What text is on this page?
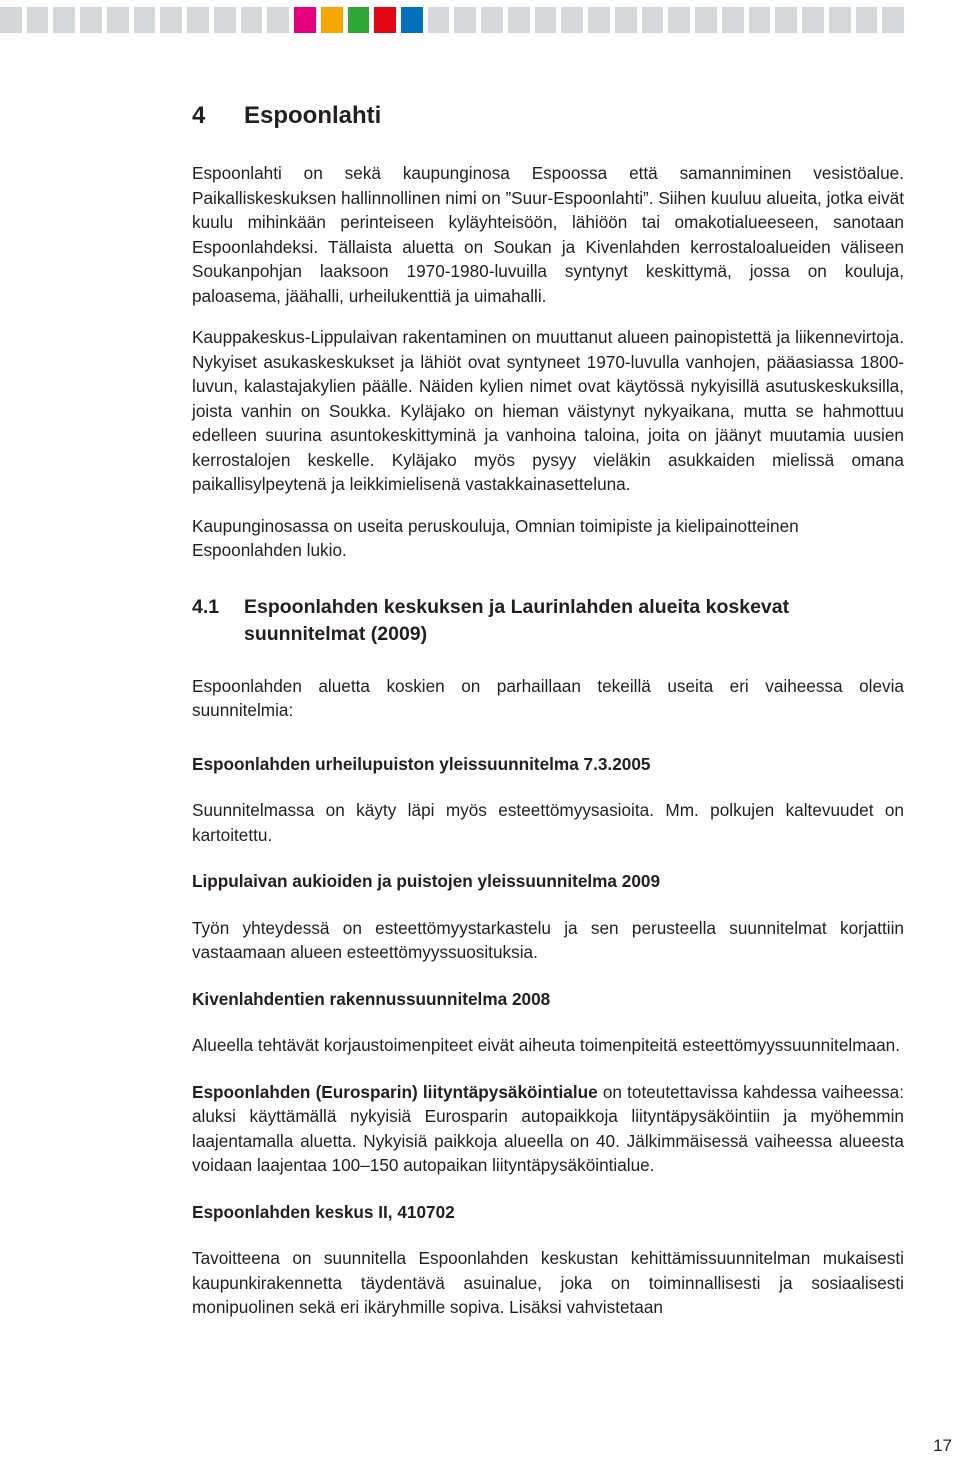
4	Espoonlahti

Espoonlahti on sekä kaupunginosa Espoossa että samanniminen vesistöalue. Paikalliskeskuksen hallinnollinen nimi on ”Suur-Espoonlahti”. Siihen kuuluu alueita, jotka eivät kuulu mihinkään perinteiseen kyläyhteisöön, lähiöön tai omakotialueeseen, sanotaan Espoonlahdeksi. Tällaista aluetta on Soukan ja Kivenlahden kerrostaloalueiden väliseen Soukanpohjan laaksoon 1970-1980-luvuilla syntynyt keskittymä, jossa on kouluja, paloasema, jäähalli, urheilukenttiä ja uimahalli.

Kauppakeskus-Lippulaivan rakentaminen on muuttanut alueen painopistettä ja liikennevirtoja. Nykyiset asukaskeskukset ja lähiöt ovat syntyneet 1970-luvulla vanhojen, pääasiassa 1800-luvun, kalastajakylien päälle. Näiden kylien nimet ovat käytössä nykyisillä asutuskeskuksilla, joista vanhin on Soukka. Kyläjako on hieman väistynyt nykyaikana, mutta se hahmottuu edelleen suurina asuntokeskittyminä ja vanhoina taloina, joita on jäänyt muutamia uusien kerrostalojen keskelle. Kyläjako myös pysyy vieläkin asukkaiden mielissä omana paikallisylpeytenä ja leikkimielisenä vastakkainasetteluna.

Kaupunginosassa on useita peruskouluja, Omnian toimipiste ja kielipainotteinen Espoonlahden lukio.

4.1	Espoonlahden keskuksen ja Laurinlahden alueita koskevat suunnitelmat (2009)

Espoonlahden aluetta koskien on parhaillaan tekeillä useita eri vaiheessa olevia suunnitelmia:

Espoonlahden urheilupuiston yleissuunnitelma 7.3.2005

Suunnitelmassa on käyty läpi myös esteettömyysasioita. Mm. polkujen kaltevuudet on kartoitettu.

Lippulaivan aukioiden ja puistojen yleissuunnitelma 2009

Työn yhteydessä on esteettömyystarkastelu ja sen perusteella suunnitelmat korjattiin vastaamaan alueen esteettömyyssuosituksia.

Kivenlahdentien rakennussuunnitelma 2008

Alueella tehtävät korjaustoimenpiteet eivät aiheuta toimenpiteitä esteettömyyssuunnitelmaan.

Espoonlahden (Eurosparin) liityntäpysäköintialue on toteutettavissa kahdessa vaiheessa: aluksi käyttämällä nykyisiä Eurosparin autopaikkoja liityntäpysäköintiin ja myöhemmin laajentamalla aluetta. Nykyisiä paikkoja alueella on 40. Jälkimmäisessä vaiheessa alueesta voidaan laajentaa 100–150 autopaikan liityntäpysäköintialue.

Espoonlahden keskus II, 410702

Tavoitteena on suunnitella Espoonlahden keskustan kehittämissuunnitelman mukaisesti kaupunkirakennetta täydentävä asuinalue, joka on toiminnallisesti ja sosiaalisesti monipuolinen sekä eri ikäryhmille sopiva. Lisäksi vahvistetaan

17
